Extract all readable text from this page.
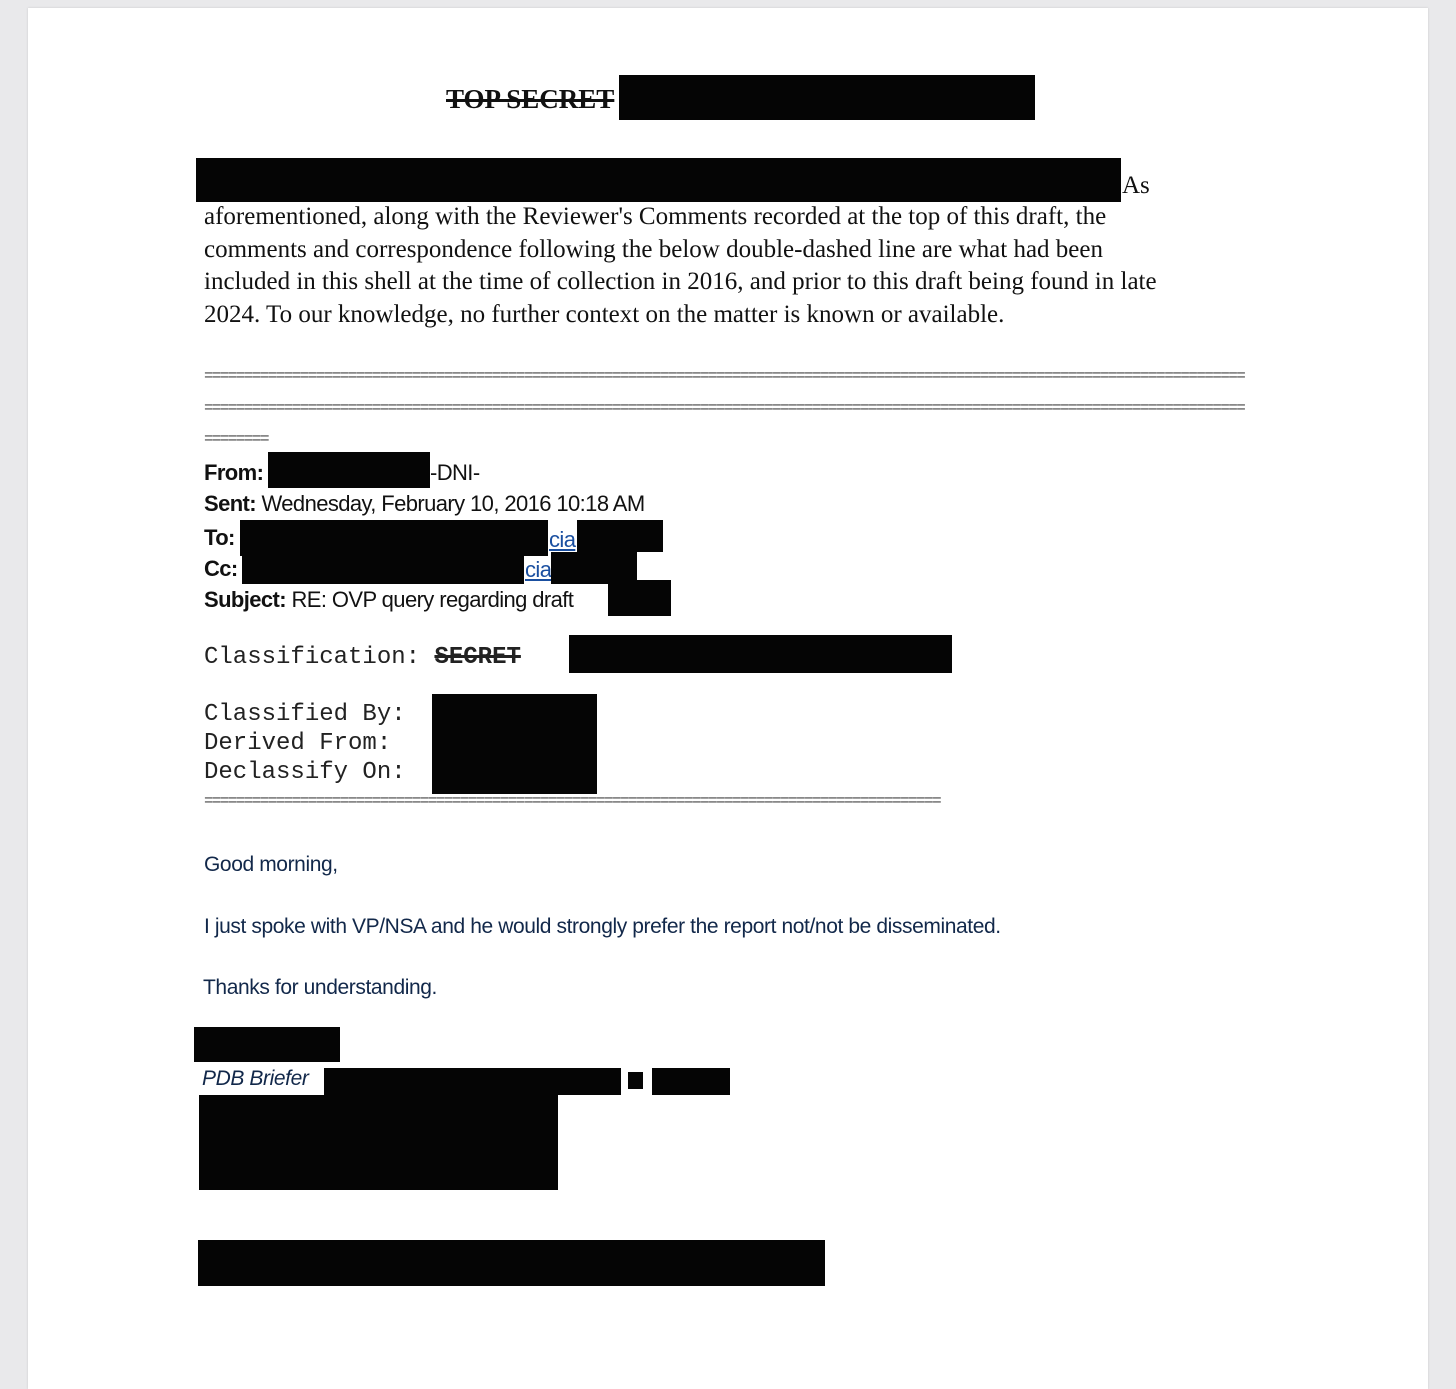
TOP SECRET
As
aforementioned, along with the Reviewer's Comments recorded at the top of this draft, the
comments and correspondence following the below double-dashed line are what had been
included in this shell at the time of collection in 2016, and prior to this draft being found in late
2024. To our knowledge, no further context on the matter is known or available.
==================================================================================================================================
==================================================================================================================================
========
From:	-DNI-
Sent: Wednesday, February 10, 2016 10:18 AM
To:	cia
Cc:	cia
Subject: RE: OVP query regarding draft
Classification: SECRET
Classified By:
Derived From:
Declassify On:
============================================================================================
Good morning,
I just spoke with VP/NSA and he would strongly prefer the report not/not be disseminated.
Thanks for understanding.
PDB Briefer
